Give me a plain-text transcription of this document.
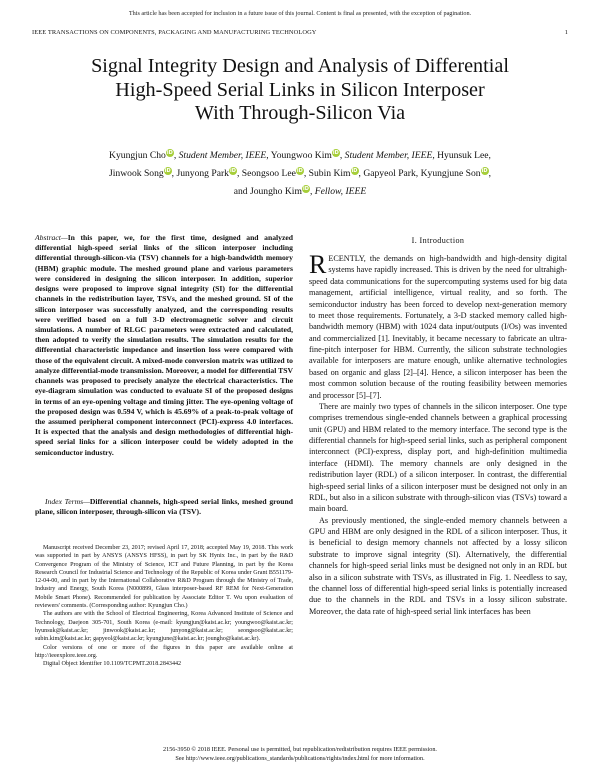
This article has been accepted for inclusion in a future issue of this journal. Content is final as presented, with the exception of pagination.
IEEE TRANSACTIONS ON COMPONENTS, PACKAGING AND MANUFACTURING TECHNOLOGY	1
Signal Integrity Design and Analysis of Differential
High-Speed Serial Links in Silicon Interposer
With Through-Silicon Via
Kyungjun ChoiD, Student Member, IEEE, Youngwoo KimiD, Student Member, IEEE, Hyunsuk Lee,
Jinwook SongiD, Junyong ParkiD, Seongsoo LeeiD, Subin KimiD, Gapyeol Park, Kyungjune SoniD,
and Joungho KimiD, Fellow, IEEE
Abstract—In this paper, we, for the first time, designed and analyzed differential high-speed serial links of the silicon interposer including differential through-silicon-via (TSV) channels for a high-bandwidth memory (HBM) graphic module. The meshed ground plane and various parameters were considered in designing the silicon interposer. In addition, superior designs were proposed to improve signal integrity (SI) for the differential channels in the redistribution layer, TSVs, and the meshed ground. SI of the silicon interposer was successfully analyzed, and the corresponding results were verified based on a full 3-D electromagnetic solver and circuit simulations. A number of RLGC parameters were extracted and calculated, then adopted to verify the simulation results. The simulation results for the differential characteristic impedance and insertion loss were compared with those of the equivalent circuit. A mixed-mode conversion matrix was utilized to analyze differential-mode transmission. Moreover, a model for differential TSV channels was proposed to precisely analyze the electrical characteristics. The eye-diagram simulation was conducted to evaluate SI of the proposed designs in terms of an eye-opening voltage and timing jitter. The eye-opening voltage of the proposed design was 0.594 V, which is 45.69% of a peak-to-peak voltage of the assumed peripheral component interconnect (PCI)-express 4.0 interfaces. It is expected that the analysis and design methodologies of differential high-speed serial links for a silicon interposer could be widely adopted in the semiconductor industry.
Index Terms—Differential channels, high-speed serial links, meshed ground plane, silicon interposer, through-silicon via (TSV).

Manuscript received December 23, 2017; revised April 17, 2018; accepted May 19, 2018. This work was supported in part by ANSYS (ANSYS HFSS), in part by SK Hynix Inc., in part by the R&D Convergence Program of the Ministry of Science, ICT and Future Planning, in part by the Korea Research Council for Industrial Science and Technology of the Republic of Korea under Grant B551179-12-04-00, and in part by the International Collaborative R&D Program through the Ministry of Trade, Industry and Energy, South Korea (N000899, Glass interposer-based RF REM for Next-Generation Mobile Smart Phone). Recommended for publication by Associate Editor T. Wu upon evaluation of reviewers' comments. (Corresponding author: Kyungjun Cho.)

The authors are with the School of Electrical Engineering, Korea Advanced Institute of Science and Technology, Daejeon 305-701, South Korea (e-mail: kyungjun@kaist.ac.kr; youngwoo@kaist.ac.kr; hyunsuk@kaist.ac.kr; jinwook@kaist.ac.kr; junyong@kaist.ac.kr; seongsoo@kaist.ac.kr; subin.kim@kaist.ac.kr; gapyeol@kaist.ac.kr; kyungjune@kaist.ac.kr; joungho@kaist.ac.kr).

Color versions of one or more of the figures in this paper are available online at http://ieeexplore.ieee.org.

Digital Object Identifier 10.1109/TCPMT.2018.2843442

I. Introduction

RECENTLY, the demands on high-bandwidth and high-density digital systems have rapidly increased. This is driven by the need for ultrahigh-speed data communications for the supercomputing systems used for big data management, artificial intelligence, virtual reality, and so forth. The semiconductor industry has been forced to develop next-generation memory to meet those requirements. Fortunately, a 3-D stacked memory called high-bandwidth memory (HBM) with 1024 data input/outputs (I/Os) was invented and commercialized [1]. Inevitably, it became necessary to fabricate an ultra-fine-pitch interposer for HBM. Currently, the silicon substrate technologies available for interposers are mature enough, unlike alternative technologies based on organic and glass [2]–[4]. Hence, a silicon interposer has been the most common solution because of the routing feasibility between memories and processor [5]–[7].

There are mainly two types of channels in the silicon interposer. One type comprises tremendous single-ended channels between a graphical processing unit (GPU) and HBM related to the memory interface. The second type is the differential channels for high-speed serial links, such as peripheral component interconnect (PCI)-express, display port, and high-definition multimedia interface (HDMI). The memory channels are only designed in the redistribution layer (RDL) of a silicon interposer. In contrast, the differential high-speed serial links of a silicon interposer must be designed not only in an RDL, but also in a silicon substrate with through-silicon vias (TSVs) toward a main board.

As previously mentioned, the single-ended memory channels between a GPU and HBM are only designed in the RDL of a silicon interposer. Thus, it is beneficial to design memory channels not affected by a lossy silicon substrate to improve signal integrity (SI). Alternatively, the differential channels for high-speed serial links must be designed not only in an RDL but also in a silicon substrate with TSVs, as illustrated in Fig. 1. Needless to say, the channel loss of differential high-speed serial links is potentially increased due to the channels in the RDL and TSVs in a lossy silicon substrate. Moreover, the data rate of high-speed serial link interfaces has been

2156-3950 © 2018 IEEE. Personal use is permitted, but republication/redistribution requires IEEE permission.
See http://www.ieee.org/publications_standards/publications/rights/index.html for more information.
